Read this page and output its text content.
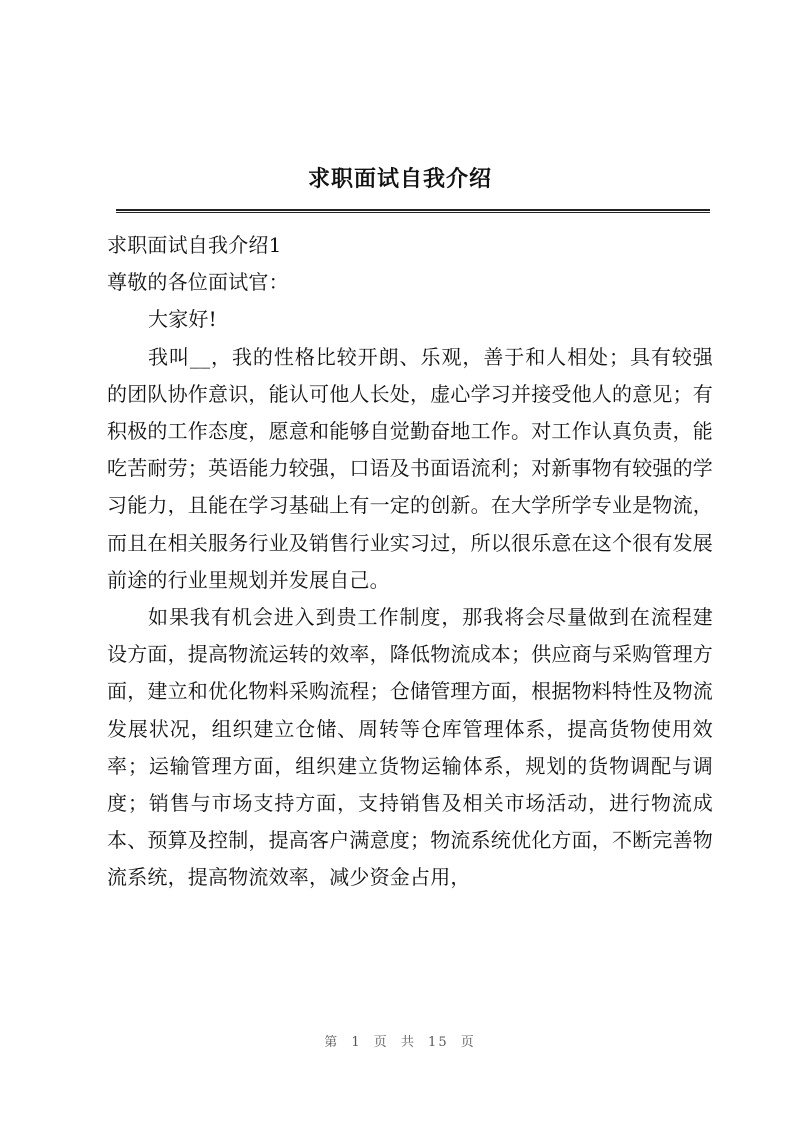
求职面试自我介绍

求职面试自我介绍1

尊敬的各位面试官：

大家好!

我叫__，我的性格比较开朗、乐观，善于和人相处；具有较强的团队协作意识，能认可他人长处，虚心学习并接受他人的意见；有积极的工作态度，愿意和能够自觉勤奋地工作。对工作认真负责，能吃苦耐劳；英语能力较强，口语及书面语流利；对新事物有较强的学习能力，且能在学习基础上有一定的创新。在大学所学专业是物流，而且在相关服务行业及销售行业实习过，所以很乐意在这个很有发展前途的行业里规划并发展自己。

如果我有机会进入到贵工作制度，那我将会尽量做到在流程建设方面，提高物流运转的效率，降低物流成本；供应商与采购管理方面，建立和优化物料采购流程；仓储管理方面，根据物料特性及物流发展状况，组织建立仓储、周转等仓库管理体系，提高货物使用效率；运输管理方面，组织建立货物运输体系，规划的货物调配与调度；销售与市场支持方面，支持销售及相关市场活动，进行物流成本、预算及控制，提高客户满意度；物流系统优化方面，不断完善物流系统，提高物流效率，减少资金占用，

第 1 页 共 15 页
